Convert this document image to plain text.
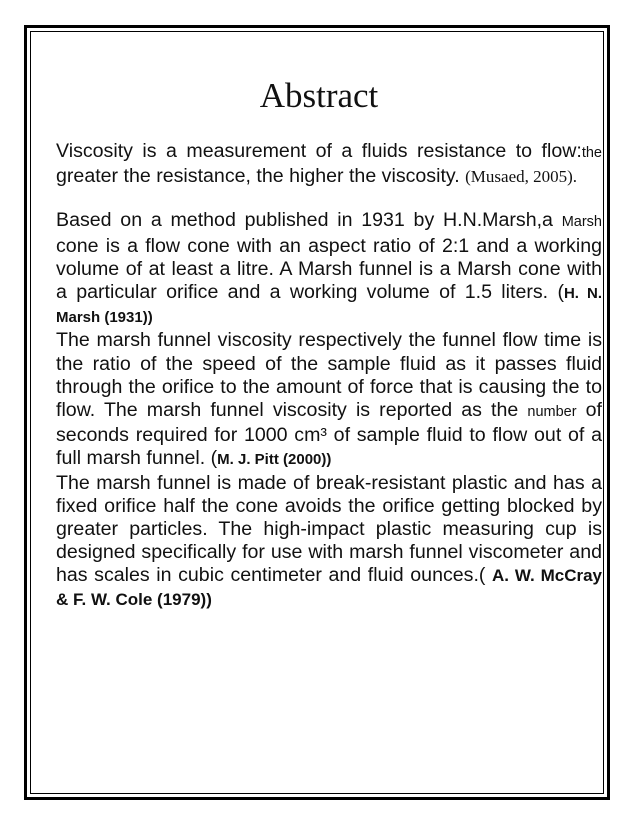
Abstract

Viscosity is a measurement of a fluids resistance to flow:the greater the resistance, the higher the viscosity. (Musaed, 2005).

Based on a method published in 1931 by H.N.Marsh,a Marsh cone is a flow cone with an aspect ratio of 2:1 and a working volume of at least a litre. A Marsh funnel is a Marsh cone with a particular orifice and a working volume of 1.5 liters. (H. N. Marsh (1931))

The marsh funnel viscosity respectively the funnel flow time is the ratio of the speed of the sample fluid as it passes fluid through the orifice to the amount of force that is causing the to flow. The marsh funnel viscosity is reported as the number of seconds required for 1000 cm³ of sample fluid to flow out of a full marsh funnel. (M. J. Pitt (2000))

The marsh funnel is made of break-resistant plastic and has a fixed orifice half the cone avoids the orifice getting blocked by greater particles. The high-impact plastic measuring cup is designed specifically for use with marsh funnel viscometer and has scales in cubic centimeter and fluid ounces.( A. W. McCray & F. W. Cole (1979))
